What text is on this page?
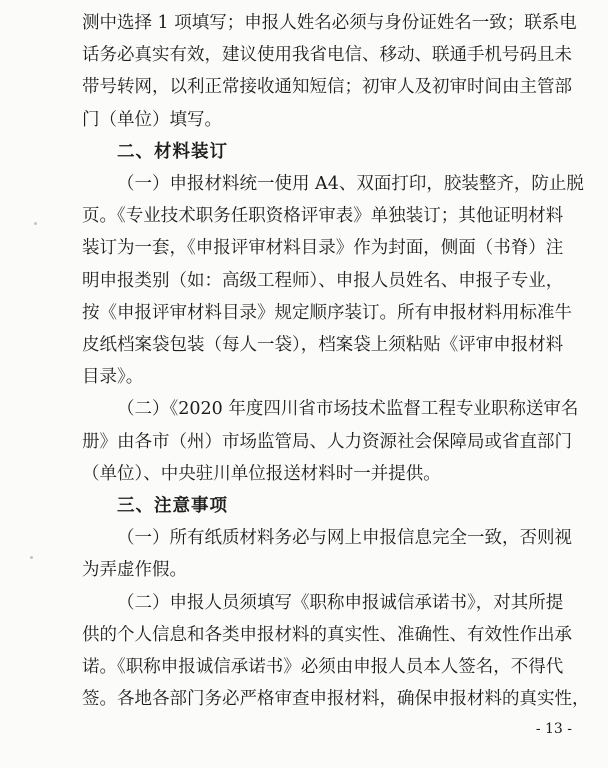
测中选择 1 项填写；申报人姓名必须与身份证姓名一致；联系电
话务必真实有效，建议使用我省电信、移动、联通手机号码且未
带号转网，以利正常接收通知短信；初审人及初审时间由主管部
门（单位）填写。
二、材料装订
（一）申报材料统一使用 A4、双面打印，胶装整齐，防止脱
页。《专业技术职务任职资格评审表》单独装订；其他证明材料
装订为一套，《申报评审材料目录》作为封面，侧面（书脊）注
明申报类别（如：高级工程师）、申报人员姓名、申报子专业，
按《申报评审材料目录》规定顺序装订。所有申报材料用标准牛
皮纸档案袋包装（每人一袋），档案袋上须粘贴《评审申报材料
目录》。
（二）《2020 年度四川省市场技术监督工程专业职称送审名
册》由各市（州）市场监管局、人力资源社会保障局或省直部门
（单位）、中央驻川单位报送材料时一并提供。
三、注意事项
（一）所有纸质材料务必与网上申报信息完全一致，否则视
为弄虚作假。
（二）申报人员须填写《职称申报诚信承诺书》，对其所提
供的个人信息和各类申报材料的真实性、准确性、有效性作出承
- 13 -
诺。《职称申报诚信承诺书》必须由申报人员本人签名，不得代
签。各地各部门务必严格审查申报材料，确保申报材料的真实性，
